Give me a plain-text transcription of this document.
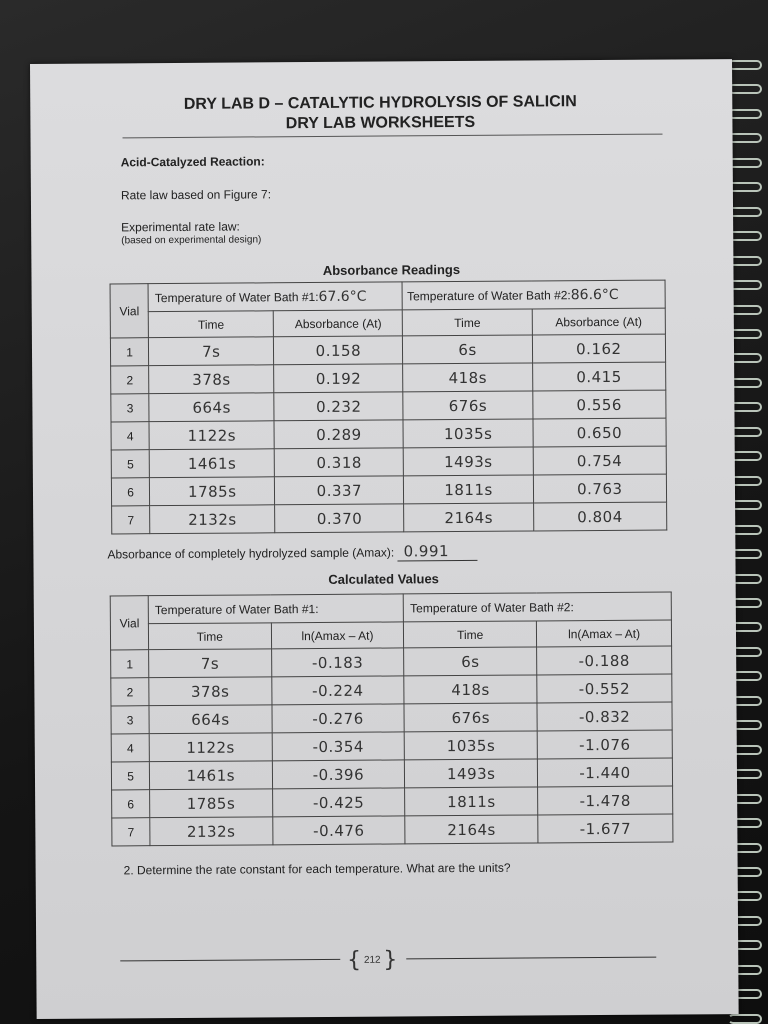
DRY LAB D – CATALYTIC HYDROLYSIS OF SALICIN
DRY LAB WORKSHEETS
Acid-Catalyzed Reaction:
Rate law based on Figure 7:
Experimental rate law:
(based on experimental design)
Absorbance Readings
Vial	Temperature of Water Bath #1:67.6°C		Temperature of Water Bath #2:86.6°C	
	Time	Absorbance (At)	Time	Absorbance (At)
1	7s	0.158	6s	0.162
2	378s	0.192	418s	0.415
3	664s	0.232	676s	0.556
4	1122s	0.289	1035s	0.650
5	1461s	0.318	1493s	0.754
6	1785s	0.337	1811s	0.763
7	2132s	0.370	2164s	0.804
Absorbance of completely hydrolyzed sample (Amax): 0.991
Calculated Values
Vial	Temperature of Water Bath #1:		Temperature of Water Bath #2:	
	Time	ln(Amax – At)	Time	ln(Amax – At)
1	7s	-0.183	6s	-0.188
2	378s	-0.224	418s	-0.552
3	664s	-0.276	676s	-0.832
4	1122s	-0.354	1035s	-1.076
5	1461s	-0.396	1493s	-1.440
6	1785s	-0.425	1811s	-1.478
7	2132s	-0.476	2164s	-1.677
2. Determine the rate constant for each temperature. What are the units?
{ 212 }
